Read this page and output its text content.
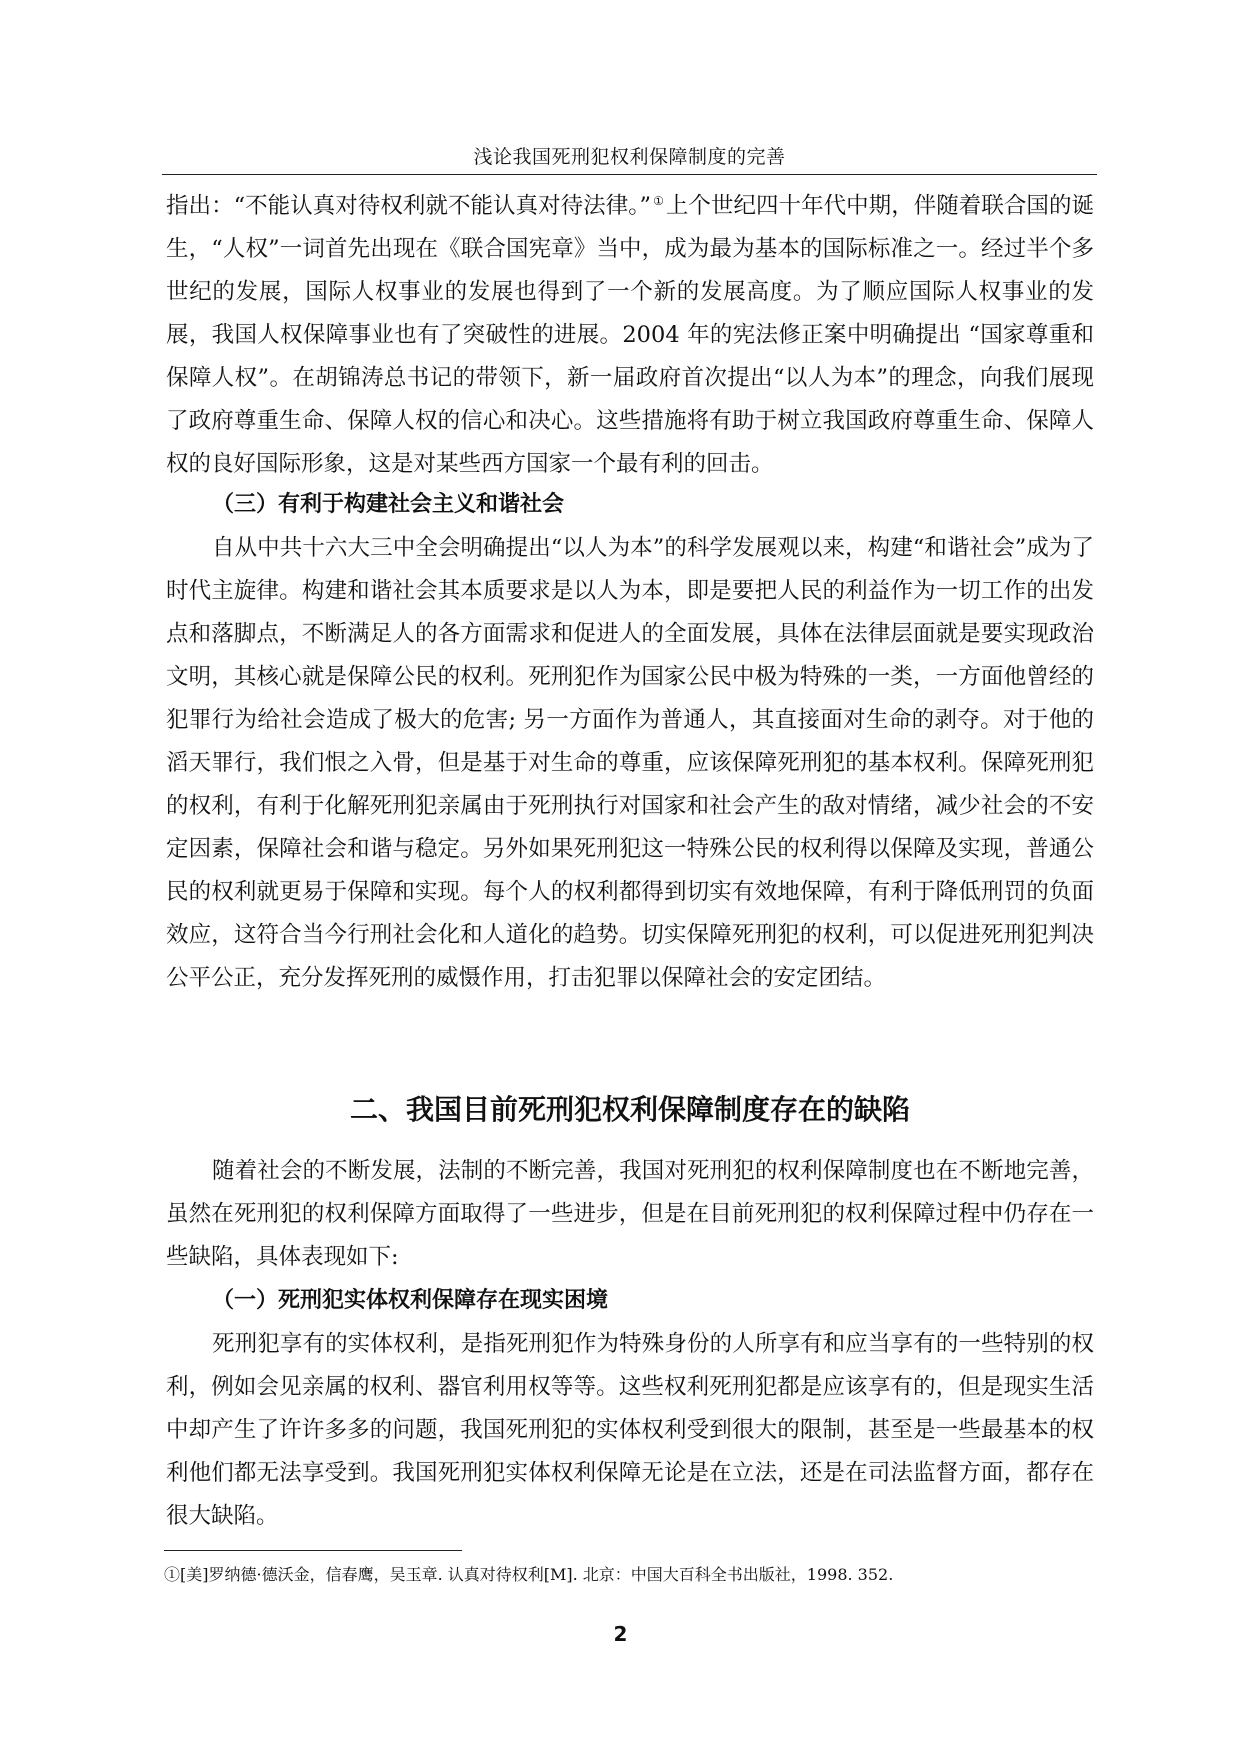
浅论我国死刑犯权利保障制度的完善

指出：“不能认真对待权利就不能认真对待法律。” ①上个世纪四十年代中期，伴随着联合国的诞生，“人权”一词首先出现在《联合国宪章》当中，成为最为基本的国际标准之一。经过半个多世纪的发展，国际人权事业的发展也得到了一个新的发展高度。为了顺应国际人权事业的发展，我国人权保障事业也有了突破性的进展。2004 年的宪法修正案中明确提出 “国家尊重和保障人权”。在胡锦涛总书记的带领下，新一届政府首次提出“以人为本”的理念，向我们展现了政府尊重生命、保障人权的信心和决心。这些措施将有助于树立我国政府尊重生命、保障人权的良好国际形象，这是对某些西方国家一个最有利的回击。

（三）有利于构建社会主义和谐社会

自从中共十六大三中全会明确提出“以人为本”的科学发展观以来，构建“和谐社会”成为了时代主旋律。构建和谐社会其本质要求是以人为本，即是要把人民的利益作为一切工作的出发点和落脚点，不断满足人的各方面需求和促进人的全面发展，具体在法律层面就是要实现政治文明，其核心就是保障公民的权利。死刑犯作为国家公民中极为特殊的一类，一方面他曾经的犯罪行为给社会造成了极大的危害; 另一方面作为普通人，其直接面对生命的剥夺。对于他的滔天罪行，我们恨之入骨，但是基于对生命的尊重，应该保障死刑犯的基本权利。保障死刑犯的权利，有利于化解死刑犯亲属由于死刑执行对国家和社会产生的敌对情绪，减少社会的不安定因素，保障社会和谐与稳定。另外如果死刑犯这一特殊公民的权利得以保障及实现，普通公民的权利就更易于保障和实现。每个人的权利都得到切实有效地保障，有利于降低刑罚的负面效应，这符合当今行刑社会化和人道化的趋势。切实保障死刑犯的权利，可以促进死刑犯判决公平公正，充分发挥死刑的威慑作用，打击犯罪以保障社会的安定团结。

二、我国目前死刑犯权利保障制度存在的缺陷

随着社会的不断发展，法制的不断完善，我国对死刑犯的权利保障制度也在不断地完善，虽然在死刑犯的权利保障方面取得了一些进步，但是在目前死刑犯的权利保障过程中仍存在一些缺陷，具体表现如下:

（一）死刑犯实体权利保障存在现实困境

死刑犯享有的实体权利，是指死刑犯作为特殊身份的人所享有和应当享有的一些特别的权利，例如会见亲属的权利、器官利用权等等。这些权利死刑犯都是应该享有的，但是现实生活中却产生了许许多多的问题，我国死刑犯的实体权利受到很大的限制，甚至是一些最基本的权利他们都无法享受到。我国死刑犯实体权利保障无论是在立法，还是在司法监督方面，都存在很大缺陷。

①[美]罗纳德·德沃金，信春鹰，吴玉章. 认真对待权利[M]. 北京：中国大百科全书出版社，1998. 352.

2
